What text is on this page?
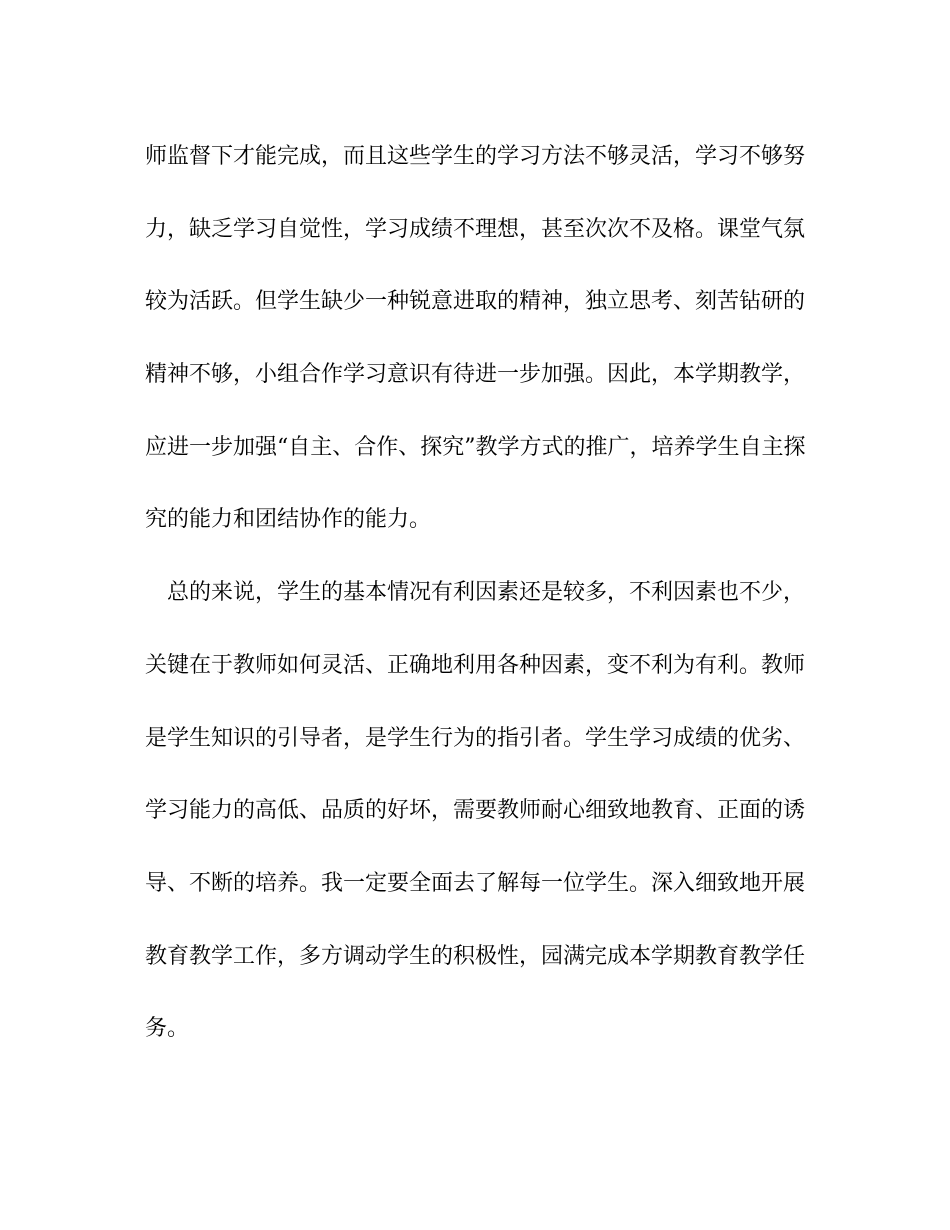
师监督下才能完成，而且这些学生的学习方法不够灵活，学习不够努
力，缺乏学习自觉性，学习成绩不理想，甚至次次不及格。课堂气氛
较为活跃。但学生缺少一种锐意进取的精神，独立思考、刻苦钻研的
精神不够，小组合作学习意识有待进一步加强。因此，本学期教学，
应进一步加强“自主、合作、探究”教学方式的推广，培养学生自主探
究的能力和团结协作的能力。
总的来说，学生的基本情况有利因素还是较多，不利因素也不少，
关键在于教师如何灵活、正确地利用各种因素，变不利为有利。教师
是学生知识的引导者，是学生行为的指引者。学生学习成绩的优劣、
学习能力的高低、品质的好坏，需要教师耐心细致地教育、正面的诱
导、不断的培养。我一定要全面去了解每一位学生。深入细致地开展
教育教学工作，多方调动学生的积极性，园满完成本学期教育教学任
务。
